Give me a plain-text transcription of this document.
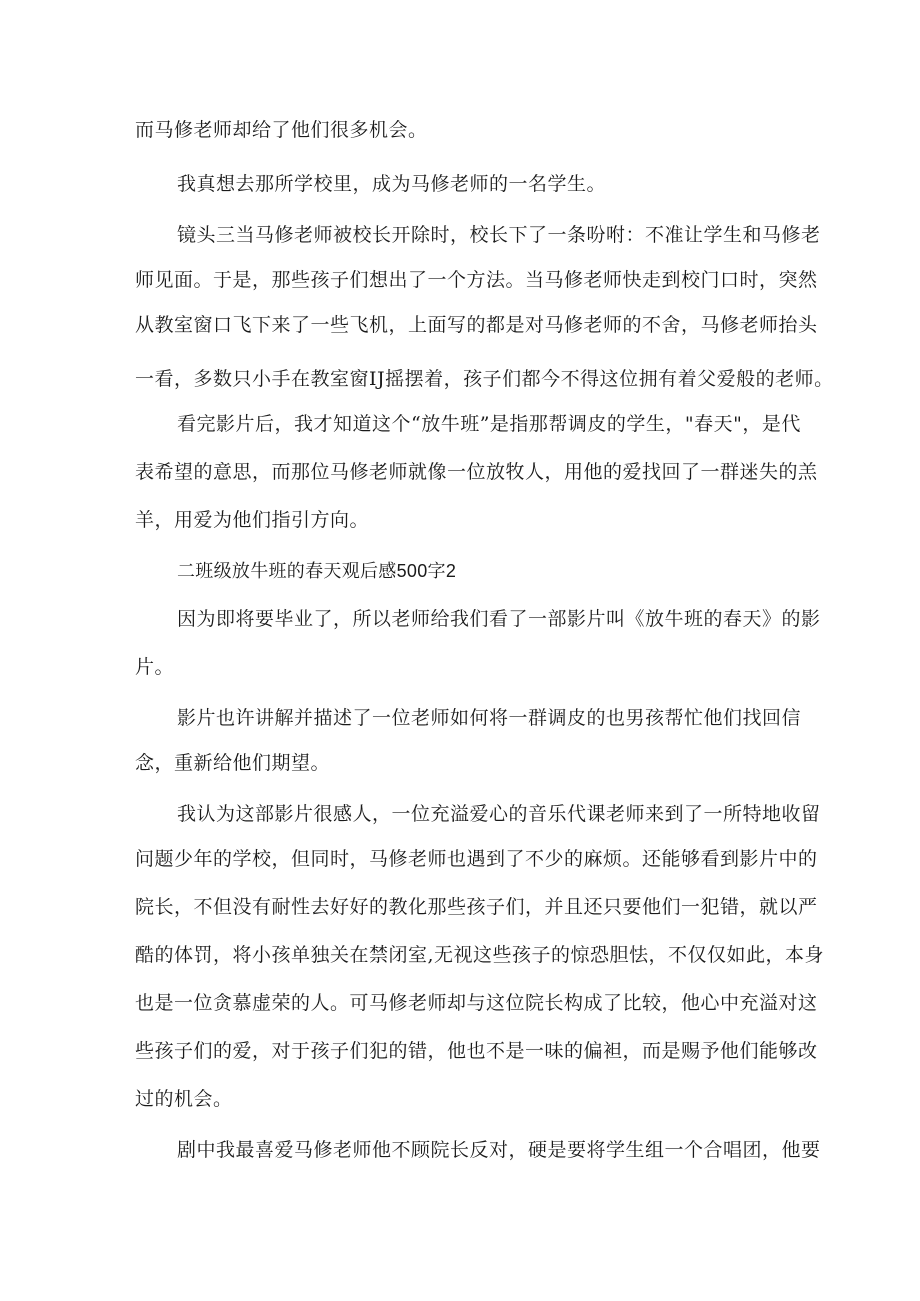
而马修老师却给了他们很多机会。

我真想去那所学校里，成为马修老师的一名学生。

镜头三当马修老师被校长开除时，校长下了一条吩咐：不准让学生和马修老

师见面。于是，那些孩子们想出了一个方法。当马修老师快走到校门口时，突然

从教室窗口飞下来了一些飞机，上面写的都是对马修老师的不舍，马修老师抬头

一看，多数只小手在教室窗IJ摇摆着，孩子们都今不得这位拥有着父爱般的老师。

看完影片后，我才知道这个“放牛班”是指那帮调皮的学生，"春天"，是代

表希望的意思，而那位马修老师就像一位放牧人，用他的爱找回了一群迷失的羔

羊，用爱为他们指引方向。

二班级放牛班的春天观后感500字2

因为即将要毕业了，所以老师给我们看了一部影片叫《放牛班的春天》的影

片。

影片也许讲解并描述了一位老师如何将一群调皮的也男孩帮忙他们找回信

念，重新给他们期望。

我认为这部影片很感人，一位充溢爱心的音乐代课老师来到了一所特地收留

问题少年的学校，但同时，马修老师也遇到了不少的麻烦。还能够看到影片中的

院长，不但没有耐性去好好的教化那些孩子们，并且还只要他们一犯错，就以严

酷的体罚，将小孩单独关在禁闭室,无视这些孩子的惊恐胆怯，不仅仅如此，本身

也是一位贪慕虚荣的人。可马修老师却与这位院长构成了比较，他心中充溢对这

些孩子们的爱，对于孩子们犯的错，他也不是一味的偏袒，而是赐予他们能够改

过的机会。

剧中我最喜爱马修老师他不顾院长反对，硬是要将学生组一个合唱团，他要
